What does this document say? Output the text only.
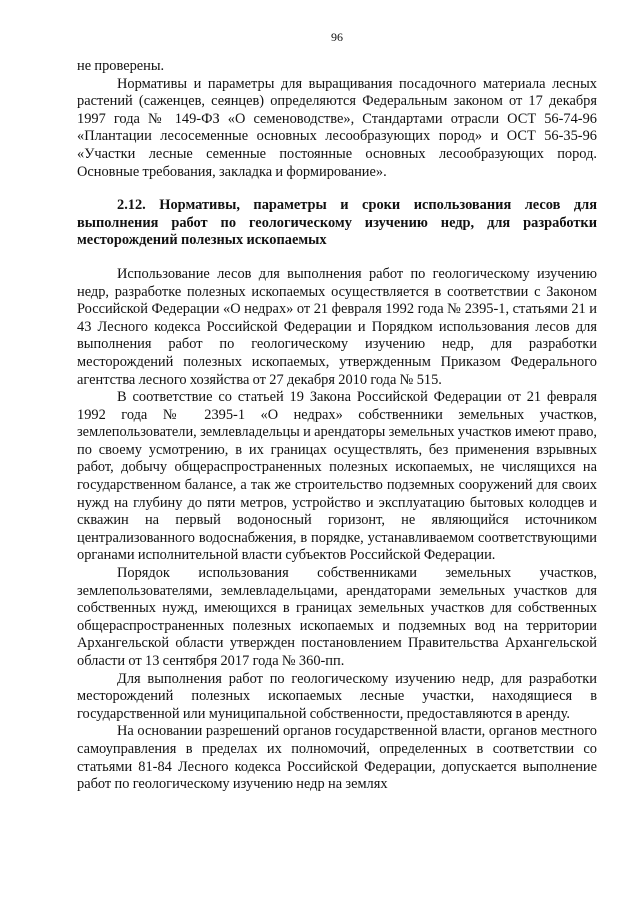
96

не проверены.

Нормативы и параметры для выращивания посадочного материала лесных растений (саженцев, сеянцев) определяются Федеральным законом от 17 декабря 1997 года № 149-ФЗ «О семеноводстве», Стандартами отрасли ОСТ 56-74-96 «Плантации лесосеменные основных лесообразующих пород» и ОСТ 56-35-96 «Участки лесные семенные постоянные основных лесообразующих пород. Основные требования, закладка и формирование».

2.12. Нормативы, параметры и сроки использования лесов для выполнения работ по геологическому изучению недр, для разработки месторождений полезных ископаемых

Использование лесов для выполнения работ по геологическому изучению недр, разработке полезных ископаемых осуществляется в соответствии с Законом Российской Федерации «О недрах» от 21 февраля 1992 года № 2395-1, статьями 21 и 43 Лесного кодекса Российской Федерации и Порядком использования лесов для выполнения работ по геологическому изучению недр, для разработки месторождений полезных ископаемых, утвержденным Приказом Федерального агентства лесного хозяйства от 27 декабря 2010 года № 515.

В соответствие со статьей 19 Закона Российской Федерации от 21 февраля 1992 года № 2395-1 «О недрах» собственники земельных участков, землепользователи, землевладельцы и арендаторы земельных участков имеют право, по своему усмотрению, в их границах осуществлять, без применения взрывных работ, добычу общераспространенных полезных ископаемых, не числящихся на государственном балансе, а так же строительство подземных сооружений для своих нужд на глубину до пяти метров, устройство и эксплуатацию бытовых колодцев и скважин на первый водоносный горизонт, не являющийся источником централизованного водоснабжения, в порядке, устанавливаемом соответствующими органами исполнительной власти субъектов Российской Федерации.

Порядок использования собственниками земельных участков, землепользователями, землевладельцами, арендаторами земельных участков для собственных нужд, имеющихся в границах земельных участков для собственных общераспространенных полезных ископаемых и подземных вод на территории Архангельской области утвержден постановлением Правительства Архангельской области от 13 сентября 2017 года № 360-пп.

Для выполнения работ по геологическому изучению недр, для разработки месторождений полезных ископаемых лесные участки, находящиеся в государственной или муниципальной собственности, предоставляются в аренду.

На основании разрешений органов государственной власти, органов местного самоуправления в пределах их полномочий, определенных в соответствии со статьями 81-84 Лесного кодекса Российской Федерации, допускается выполнение работ по геологическому изучению недр на землях
